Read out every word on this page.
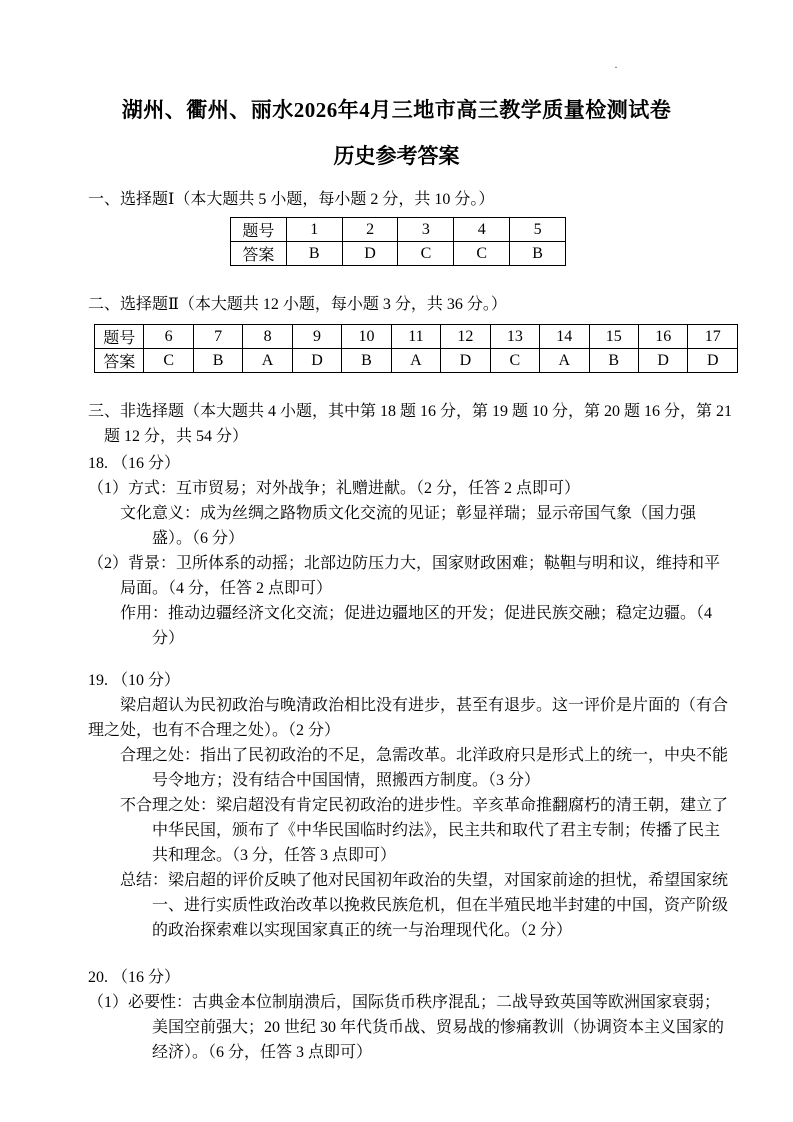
·
湖州、衢州、丽水2026年4月三地市高三教学质量检测试卷
历史参考答案
一、选择题Ⅰ（本大题共 5 小题，每小题 2 分，共 10 分。）
题号	1	2	3	4	5
答案	B	D	C	C	B
二、选择题Ⅱ（本大题共 12 小题，每小题 3 分，共 36 分。）
题号	6	7	8	9	10	11	12	13	14	15	16	17
答案	C	B	A	D	B	A	D	C	A	B	D	D
三、非选择题（本大题共 4 小题，其中第 18 题 16 分，第 19 题 10 分，第 20 题 16 分，第 21 题 12 分，共 54 分）

18. （16 分）

（1）方式：互市贸易；对外战争；礼赠进献。（2 分，任答 2 点即可）

文化意义：成为丝绸之路物质文化交流的见证；彰显祥瑞；显示帝国气象（国力强盛）。（6 分）

（2）背景：卫所体系的动摇；北部边防压力大，国家财政困难；鞑靼与明和议，维持和平局面。（4 分，任答 2 点即可）

作用：推动边疆经济文化交流；促进边疆地区的开发；促进民族交融；稳定边疆。（4 分）

19. （10 分）

梁启超认为民初政治与晚清政治相比没有进步，甚至有退步。这一评价是片面的（有合理之处，也有不合理之处）。（2 分）

合理之处：指出了民初政治的不足，急需改革。北洋政府只是形式上的统一，中央不能号令地方；没有结合中国国情，照搬西方制度。（3 分）

不合理之处：梁启超没有肯定民初政治的进步性。辛亥革命推翻腐朽的清王朝，建立了中华民国，颁布了《中华民国临时约法》，民主共和取代了君主专制；传播了民主共和理念。（3 分，任答 3 点即可）

总结：梁启超的评价反映了他对民国初年政治的失望，对国家前途的担忧，希望国家统一、进行实质性政治改革以挽救民族危机，但在半殖民地半封建的中国，资产阶级的政治探索难以实现国家真正的统一与治理现代化。（2 分）

20. （16 分）

（1）必要性：古典金本位制崩溃后，国际货币秩序混乱；二战导致英国等欧洲国家衰弱；美国空前强大；20 世纪 30 年代货币战、贸易战的惨痛教训（协调资本主义国家的经济）。（6 分，任答 3 点即可）
